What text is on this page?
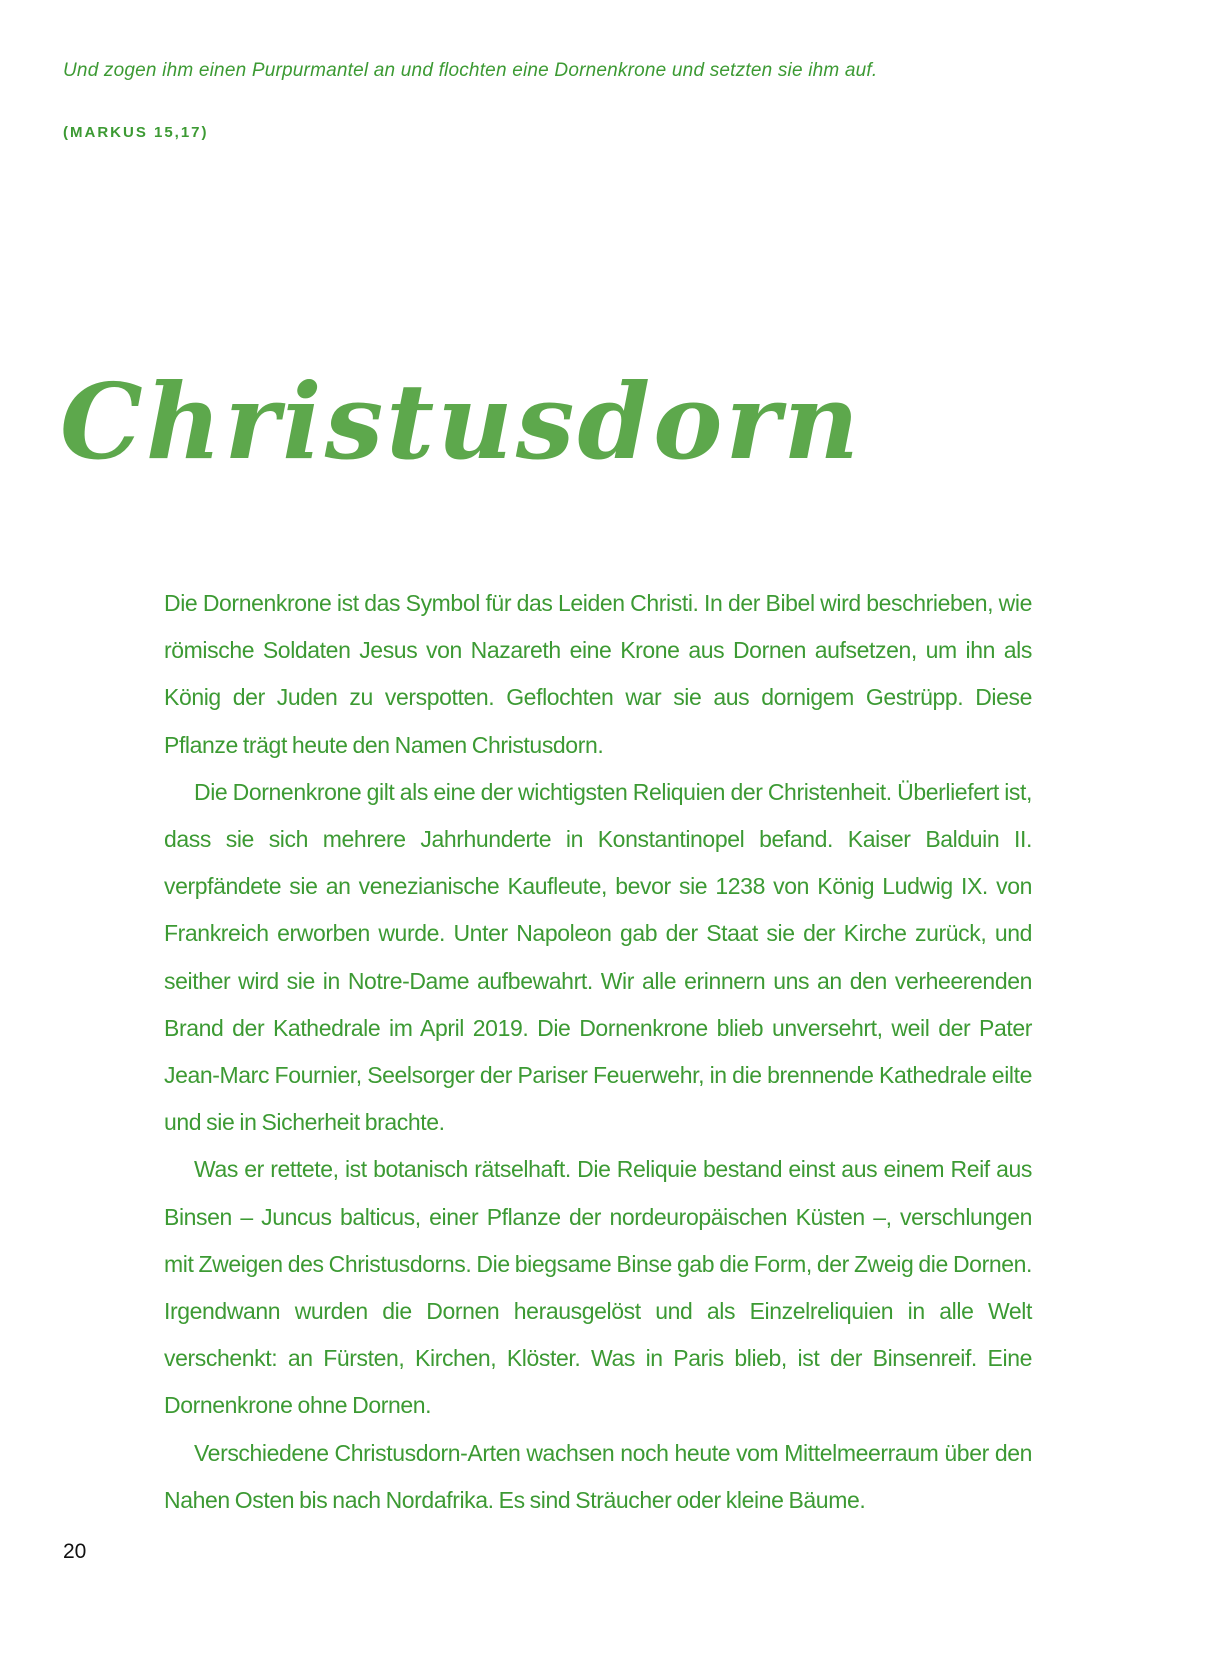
Und zogen ihm einen Purpurmantel an und flochten eine Dornenkrone und setzten sie ihm auf.

(MARKUS 15,17)

Christusdorn

Die Dornenkrone ist das Symbol für das Leiden Christi. In der Bibel wird beschrieben, wie römische Soldaten Jesus von Nazareth eine Krone aus Dornen aufsetzen, um ihn als König der Juden zu verspotten. Geflochten war sie aus dornigem Gestrüpp. Diese Pflanze trägt heute den Namen Christusdorn.

Die Dornenkrone gilt als eine der wichtigsten Reliquien der Christenheit. Überliefert ist, dass sie sich mehrere Jahrhunderte in Konstantinopel befand. Kaiser Balduin II. verpfändete sie an venezianische Kaufleute, bevor sie 1238 von König Ludwig IX. von Frankreich erworben wurde. Unter Napoleon gab der Staat sie der Kirche zurück, und seither wird sie in Notre-Dame aufbewahrt. Wir alle erinnern uns an den verheerenden Brand der Kathedrale im April 2019. Die Dornenkrone blieb unversehrt, weil der Pater Jean-Marc Fournier, Seelsorger der Pariser Feuerwehr, in die brennende Kathedrale eilte und sie in Sicherheit brachte.

Was er rettete, ist botanisch rätselhaft. Die Reliquie bestand einst aus einem Reif aus Binsen – Juncus balticus, einer Pflanze der nordeuropäischen Küsten –, verschlungen mit Zweigen des Christusdorns. Die biegsame Binse gab die Form, der Zweig die Dornen. Irgendwann wurden die Dornen herausgelöst und als Einzelreliquien in alle Welt verschenkt: an Fürsten, Kirchen, Klöster. Was in Paris blieb, ist der Binsenreif. Eine Dornenkrone ohne Dornen.

Verschiedene Christusdorn-Arten wachsen noch heute vom Mittelmeerraum über den Nahen Osten bis nach Nordafrika. Es sind Sträucher oder kleine Bäume.

20
